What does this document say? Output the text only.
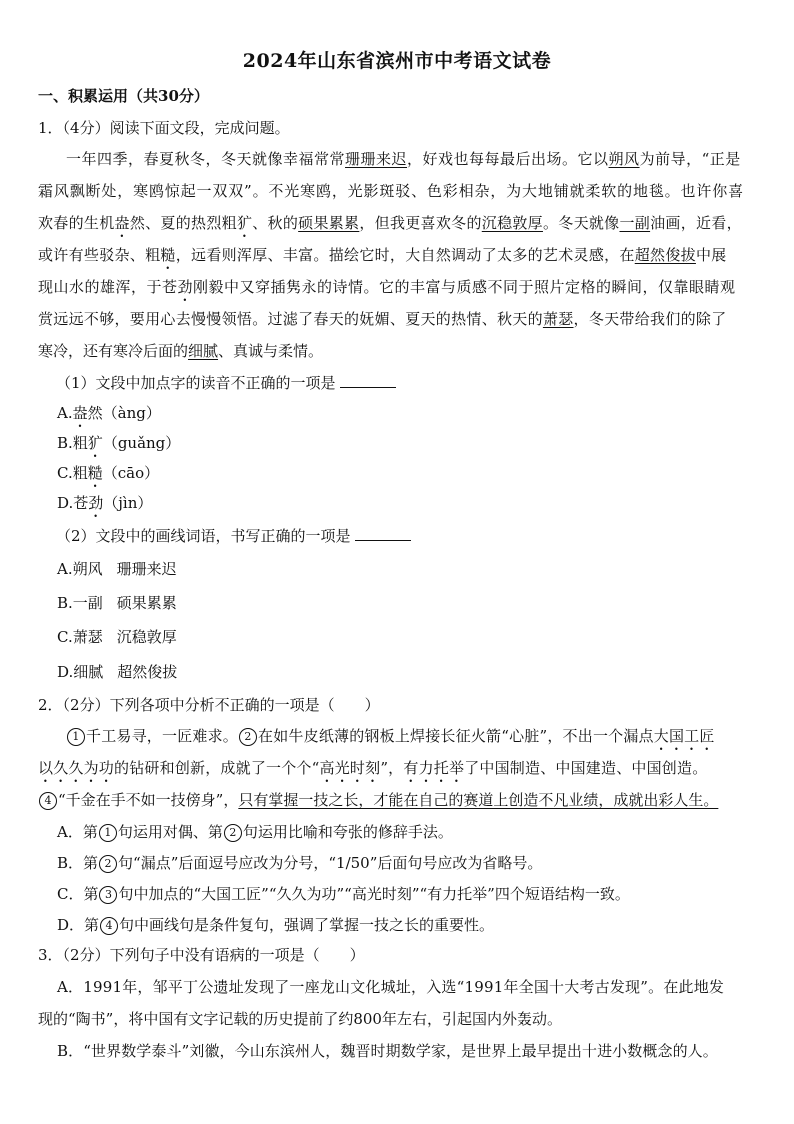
2024年山东省滨州市中考语文试卷
一、积累运用（共30分）
1．（4分）阅读下面文段，完成问题。
一年四季，春夏秋冬，冬天就像幸福常常珊珊来迟，好戏也每每最后出场。它以朔风为前导，“正是
霜风飘断处，寒鸥惊起一双双”。不光寒鸥，光影斑驳、色彩相杂，为大地铺就柔软的地毯。也许你喜
欢春的生机盎然、夏的热烈粗犷、秋的硕果累累，但我更喜欢冬的沉稳敦厚。冬天就像一副油画，近看，
或许有些驳杂、粗糙，远看则浑厚、丰富。描绘它时，大自然调动了太多的艺术灵感，在超然俊拔中展
现山水的雄浑，于苍劲刚毅中又穿插隽永的诗情。它的丰富与质感不同于照片定格的瞬间，仅靠眼睛观
赏远远不够，要用心去慢慢领悟。过滤了春天的妩媚、夏天的热情、秋天的萧瑟，冬天带给我们的除了
寒冷，还有寒冷后面的细腻、真诚与柔情。
（1）文段中加点字的读音不正确的一项是
A.盎然（àng）
B.粗犷（guǎng）
C.粗糙（cāo）
D.苍劲（jìn）
（2）文段中的画线词语，书写正确的一项是
A.朔风 珊珊来迟
B.一副 硕果累累
C.萧瑟 沉稳敦厚
D.细腻 超然俊拔
2．（2分）下列各项中分析不正确的一项是（　　）
1 千工易寻，一匠难求。 2 在如牛皮纸薄的钢板上焊接长征火箭“心脏”，不出一个漏点大国工匠
以久久为功的钻研和创新，成就了一个个“高光时刻”，有力托举了中国制造、中国建造、中国创造。
4 “千金在手不如一技傍身”，只有掌握一技之长，才能在自己的赛道上创造不凡业绩，成就出彩人生。
A．第 1 句运用对偶、第 2 句运用比喻和夸张的修辞手法。
B．第 2 句“漏点”后面逗号应改为分号，“1/50”后面句号应改为省略号。
C．第 3 句中加点的“大国工匠”“久久为功”“高光时刻”“有力托举”四个短语结构一致。
D．第 4 句中画线句是条件复句，强调了掌握一技之长的重要性。
3．（2分）下列句子中没有语病的一项是（　　）
A．1991年，邹平丁公遗址发现了一座龙山文化城址，入选“1991年全国十大考古发现”。在此地发
现的“陶书”，将中国有文字记载的历史提前了约800年左右，引起国内外轰动。
B．“世界数学泰斗”刘徽，今山东滨州人，魏晋时期数学家，是世界上最早提出十进小数概念的人。
